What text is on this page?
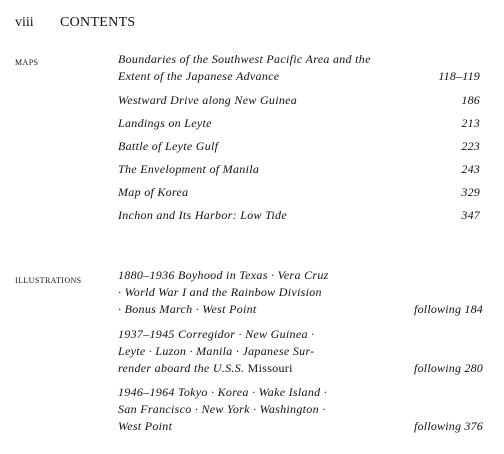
viii CONTENTS
MAPS	Boundaries of the Southwest Pacific Area and the
Extent of the Japanese Advance	118–119
Westward Drive along New Guinea	186
Landings on Leyte	213
Battle of Leyte Gulf	223
The Envelopment of Manila	243
Map of Korea	329
Inchon and Its Harbor: Low Tide	347
ILLUSTRATIONS	1880–1936 Boyhood in Texas · Vera Cruz
· World War I and the Rainbow Division
· Bonus March · West Point	following 184
1937–1945 Corregidor · New Guinea ·
Leyte · Luzon · Manila · Japanese Sur-
render aboard the U.S.S. Missouri	following 280
1946–1964 Tokyo · Korea · Wake Island ·
San Francisco · New York · Washington ·
West Point	following 376
